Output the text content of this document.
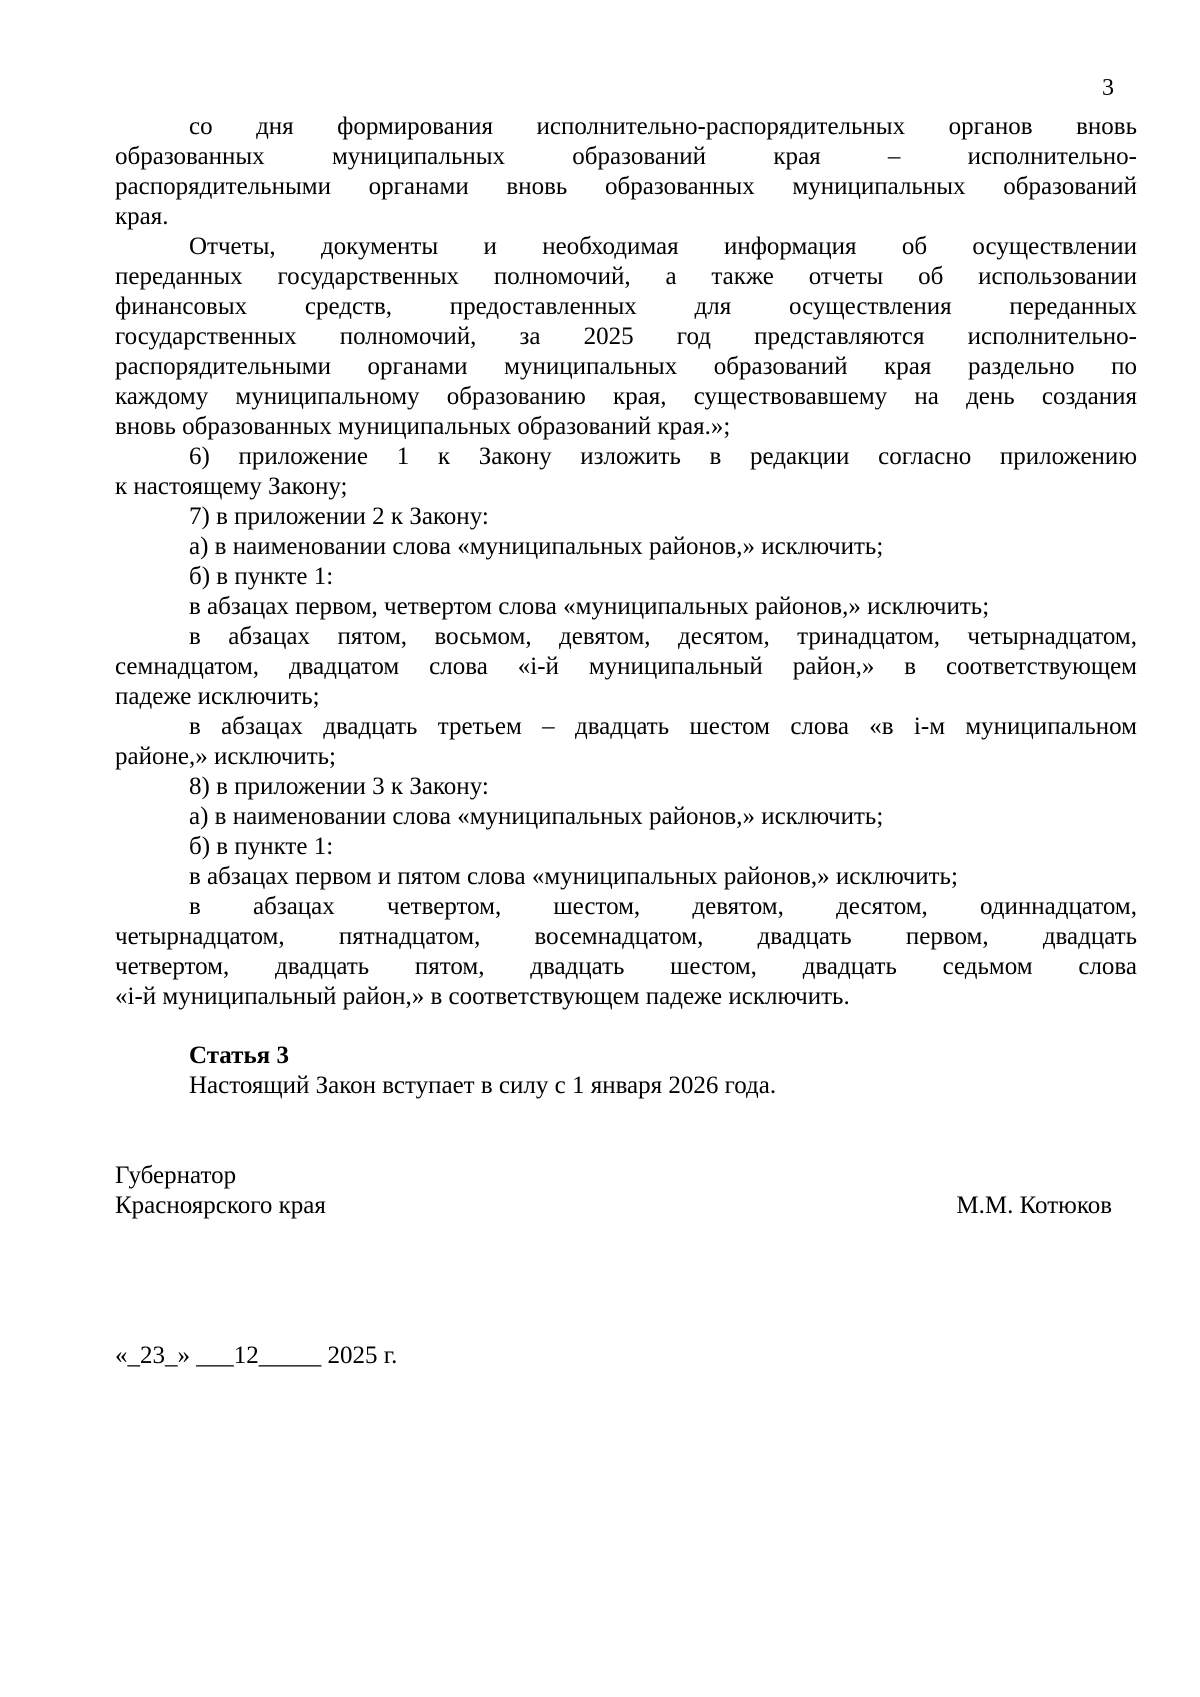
3
со дня формирования исполнительно-распорядительных органов вновь
образованных муниципальных образований края – исполнительно-
распорядительными органами вновь образованных муниципальных образований
края.
Отчеты, документы и необходимая информация об осуществлении
переданных государственных полномочий, а также отчеты об использовании
финансовых средств, предоставленных для осуществления переданных
государственных полномочий, за 2025 год представляются исполнительно-
распорядительными органами муниципальных образований края раздельно по
каждому муниципальному образованию края, существовавшему на день создания
вновь образованных муниципальных образований края.»;
6) приложение 1 к Закону изложить в редакции согласно приложению
к настоящему Закону;
7) в приложении 2 к Закону:
а) в наименовании слова «муниципальных районов,» исключить;
б) в пункте 1:
в абзацах первом, четвертом слова «муниципальных районов,» исключить;
в абзацах пятом, восьмом, девятом, десятом, тринадцатом, четырнадцатом,
семнадцатом, двадцатом слова «i-й муниципальный район,» в соответствующем
падеже исключить;
в абзацах двадцать третьем – двадцать шестом слова «в i-м муниципальном
районе,» исключить;
8) в приложении 3 к Закону:
а) в наименовании слова «муниципальных районов,» исключить;
б) в пункте 1:
в абзацах первом и пятом слова «муниципальных районов,» исключить;
в абзацах четвертом, шестом, девятом, десятом, одиннадцатом,
четырнадцатом, пятнадцатом, восемнадцатом, двадцать первом, двадцать
четвертом, двадцать пятом, двадцать шестом, двадцать седьмом слова
«i-й муниципальный район,» в соответствующем падеже исключить.
Статья 3
Настоящий Закон вступает в силу с 1 января 2026 года.
Губернатор
Красноярского края	М.М. Котюков
«_23_» ___12_____ 2025 г.
